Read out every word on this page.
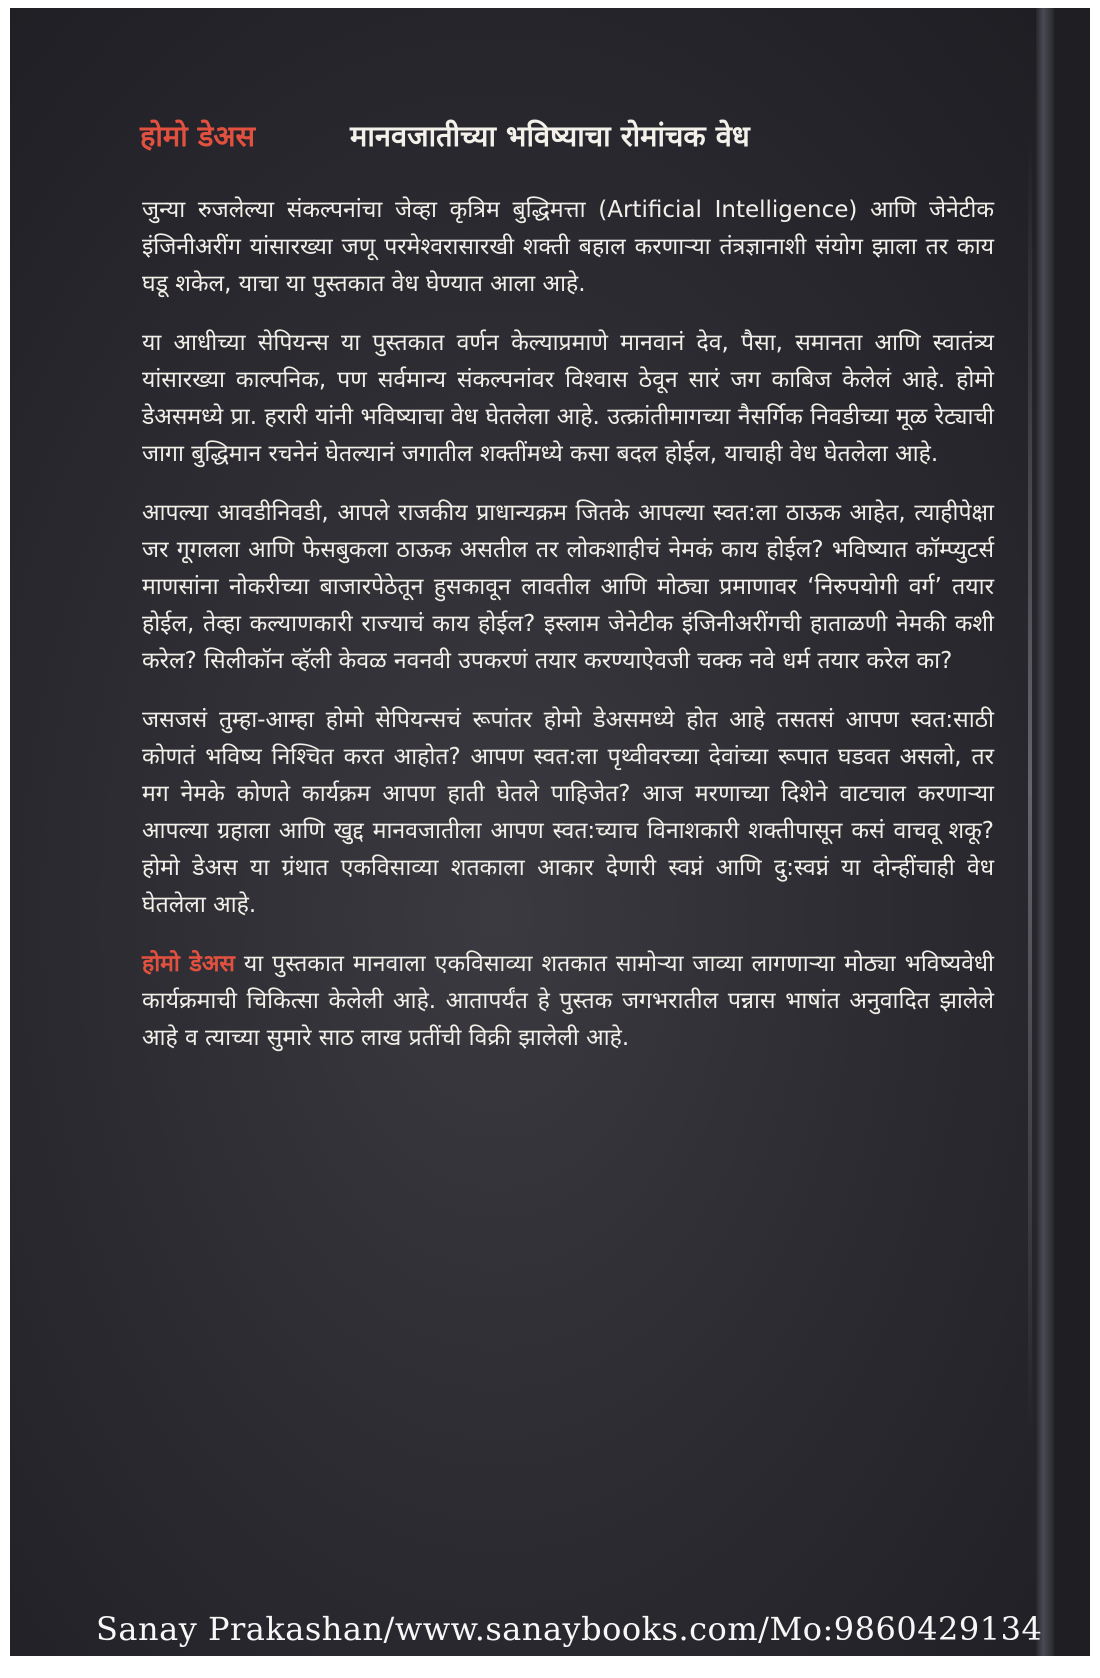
होमो डेअस	मानवजातीच्या भविष्याचा रोमांचक वेध

जुन्या रुजलेल्या संकल्पनांचा जेव्हा कृत्रिम बुद्धिमत्ता (Artificial Intelligence) आणि जेनेटीक इंजिनीअरींग यांसारख्या जणू परमेश्वरासारखी शक्ती बहाल करणाऱ्या तंत्रज्ञानाशी संयोग झाला तर काय घडू शकेल, याचा या पुस्तकात वेध घेण्यात आला आहे.

या आधीच्या सेपियन्स या पुस्तकात वर्णन केल्याप्रमाणे मानवानं देव, पैसा, समानता आणि स्वातंत्र्य यांसारख्या काल्पनिक, पण सर्वमान्य संकल्पनांवर विश्वास ठेवून सारं जग काबिज केलेलं आहे. होमो डेअसमध्ये प्रा. हरारी यांनी भविष्याचा वेध घेतलेला आहे. उत्क्रांतीमागच्या नैसर्गिक निवडीच्या मूळ रेट्याची जागा बुद्धिमान रचनेनं घेतल्यानं जगातील शक्तींमध्ये कसा बदल होईल, याचाही वेध घेतलेला आहे.

आपल्या आवडीनिवडी, आपले राजकीय प्राधान्यक्रम जितके आपल्या स्वत:ला ठाऊक आहेत, त्याहीपेक्षा जर गूगलला आणि फेसबुकला ठाऊक असतील तर लोकशाहीचं नेमकं काय होईल? भविष्यात कॉम्प्युटर्स माणसांना नोकरीच्या बाजारपेठेतून हुसकावून लावतील आणि मोठ्या प्रमाणावर ‘निरुपयोगी वर्ग’ तयार होईल, तेव्हा कल्याणकारी राज्याचं काय होईल? इस्लाम जेनेटीक इंजिनीअरींगची हाताळणी नेमकी कशी करेल? सिलीकॉन व्हॅली केवळ नवनवी उपकरणं तयार करण्याऐवजी चक्क नवे धर्म तयार करेल का?

जसजसं तुम्हा-आम्हा होमो सेपियन्सचं रूपांतर होमो डेअसमध्ये होत आहे तसतसं आपण स्वत:साठी कोणतं भविष्य निश्चित करत आहोत? आपण स्वत:ला पृथ्वीवरच्या देवांच्या रूपात घडवत असलो, तर मग नेमके कोणते कार्यक्रम आपण हाती घेतले पाहिजेत? आज मरणाच्या दिशेने वाटचाल करणाऱ्या आपल्या ग्रहाला आणि खुद्द मानवजातीला आपण स्वत:च्याच विनाशकारी शक्तीपासून कसं वाचवू शकू? होमो डेअस या ग्रंथात एकविसाव्या शतकाला आकार देणारी स्वप्नं आणि दु:स्वप्नं या दोन्हींचाही वेध घेतलेला आहे.

होमो डेअस या पुस्तकात मानवाला एकविसाव्या शतकात सामोऱ्या जाव्या लागणाऱ्या मोठ्या भविष्यवेधी कार्यक्रमाची चिकित्सा केलेली आहे. आतापर्यंत हे पुस्तक जगभरातील पन्नास भाषांत अनुवादित झालेले आहे व त्याच्या सुमारे साठ लाख प्रतींची विक्री झालेली आहे.

Sanay Prakashan/www.sanaybooks.com/Mo:9860429134
